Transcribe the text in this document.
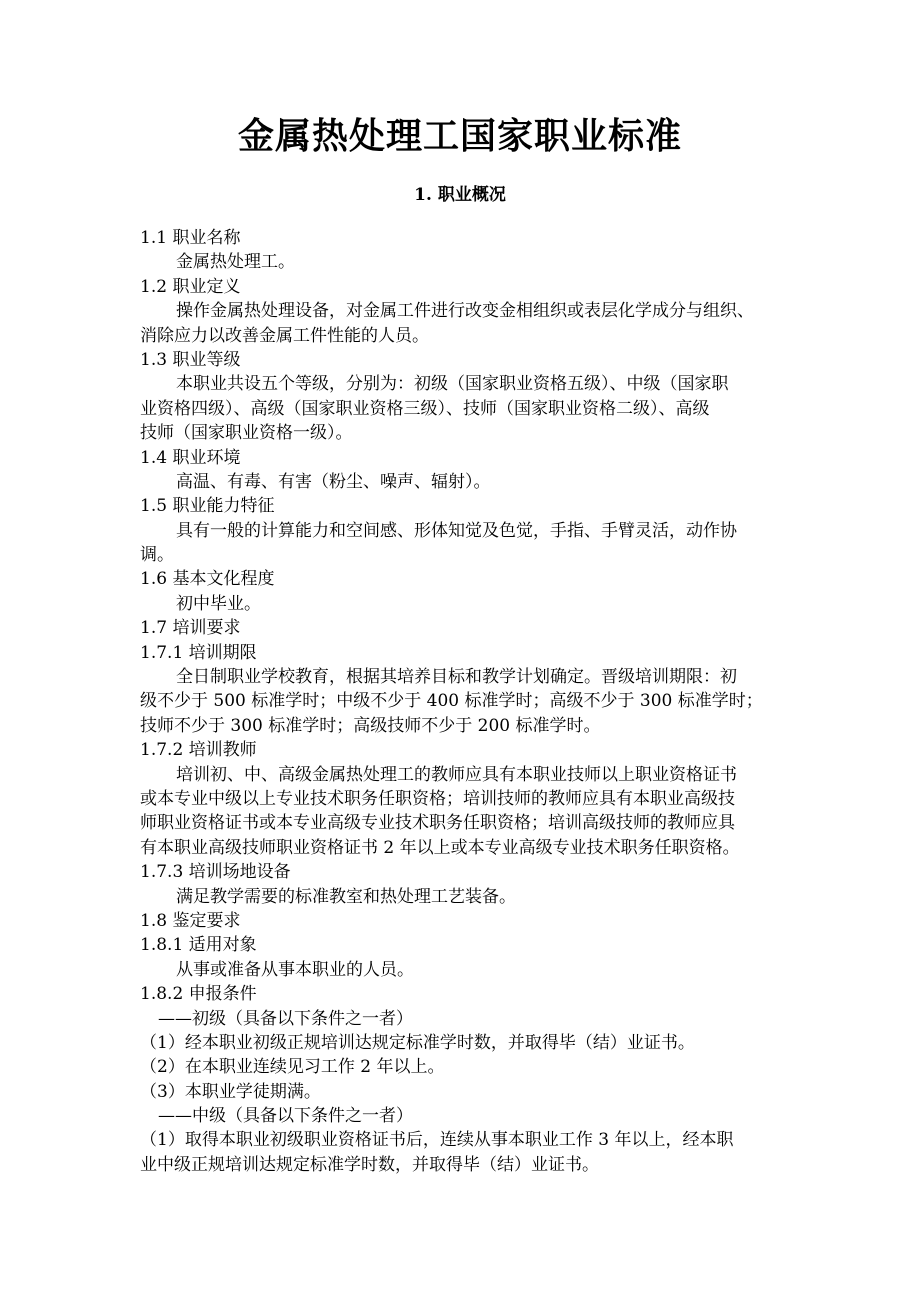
金属热处理工国家职业标准
1. 职业概况
1.1 职业名称
金属热处理工。
1.2 职业定义
操作金属热处理设备，对金属工件进行改变金相组织或表层化学成分与组织、
消除应力以改善金属工件性能的人员。
1.3 职业等级
本职业共设五个等级，分别为：初级（国家职业资格五级）、中级（国家职
业资格四级）、高级（国家职业资格三级）、技师（国家职业资格二级）、高级
技师（国家职业资格一级）。
1.4 职业环境
高温、有毒、有害（粉尘、噪声、辐射）。
1.5 职业能力特征
具有一般的计算能力和空间感、形体知觉及色觉，手指、手臂灵活，动作协
调。
1.6 基本文化程度
初中毕业。
1.7 培训要求
1.7.1 培训期限
全日制职业学校教育，根据其培养目标和教学计划确定。晋级培训期限：初
级不少于 500 标准学时；中级不少于 400 标准学时；高级不少于 300 标准学时；
技师不少于 300 标准学时；高级技师不少于 200 标准学时。
1.7.2 培训教师
培训初、中、高级金属热处理工的教师应具有本职业技师以上职业资格证书
或本专业中级以上专业技术职务任职资格；培训技师的教师应具有本职业高级技
师职业资格证书或本专业高级专业技术职务任职资格；培训高级技师的教师应具
有本职业高级技师职业资格证书 2 年以上或本专业高级专业技术职务任职资格。
1.7.3 培训场地设备
满足教学需要的标准教室和热处理工艺装备。
1.8 鉴定要求
1.8.1 适用对象
从事或准备从事本职业的人员。
1.8.2 申报条件
——初级（具备以下条件之一者）
（1）经本职业初级正规培训达规定标准学时数，并取得毕（结）业证书。
（2）在本职业连续见习工作 2 年以上。
（3）本职业学徒期满。
——中级（具备以下条件之一者）
（1）取得本职业初级职业资格证书后，连续从事本职业工作 3 年以上，经本职
业中级正规培训达规定标准学时数，并取得毕（结）业证书。
